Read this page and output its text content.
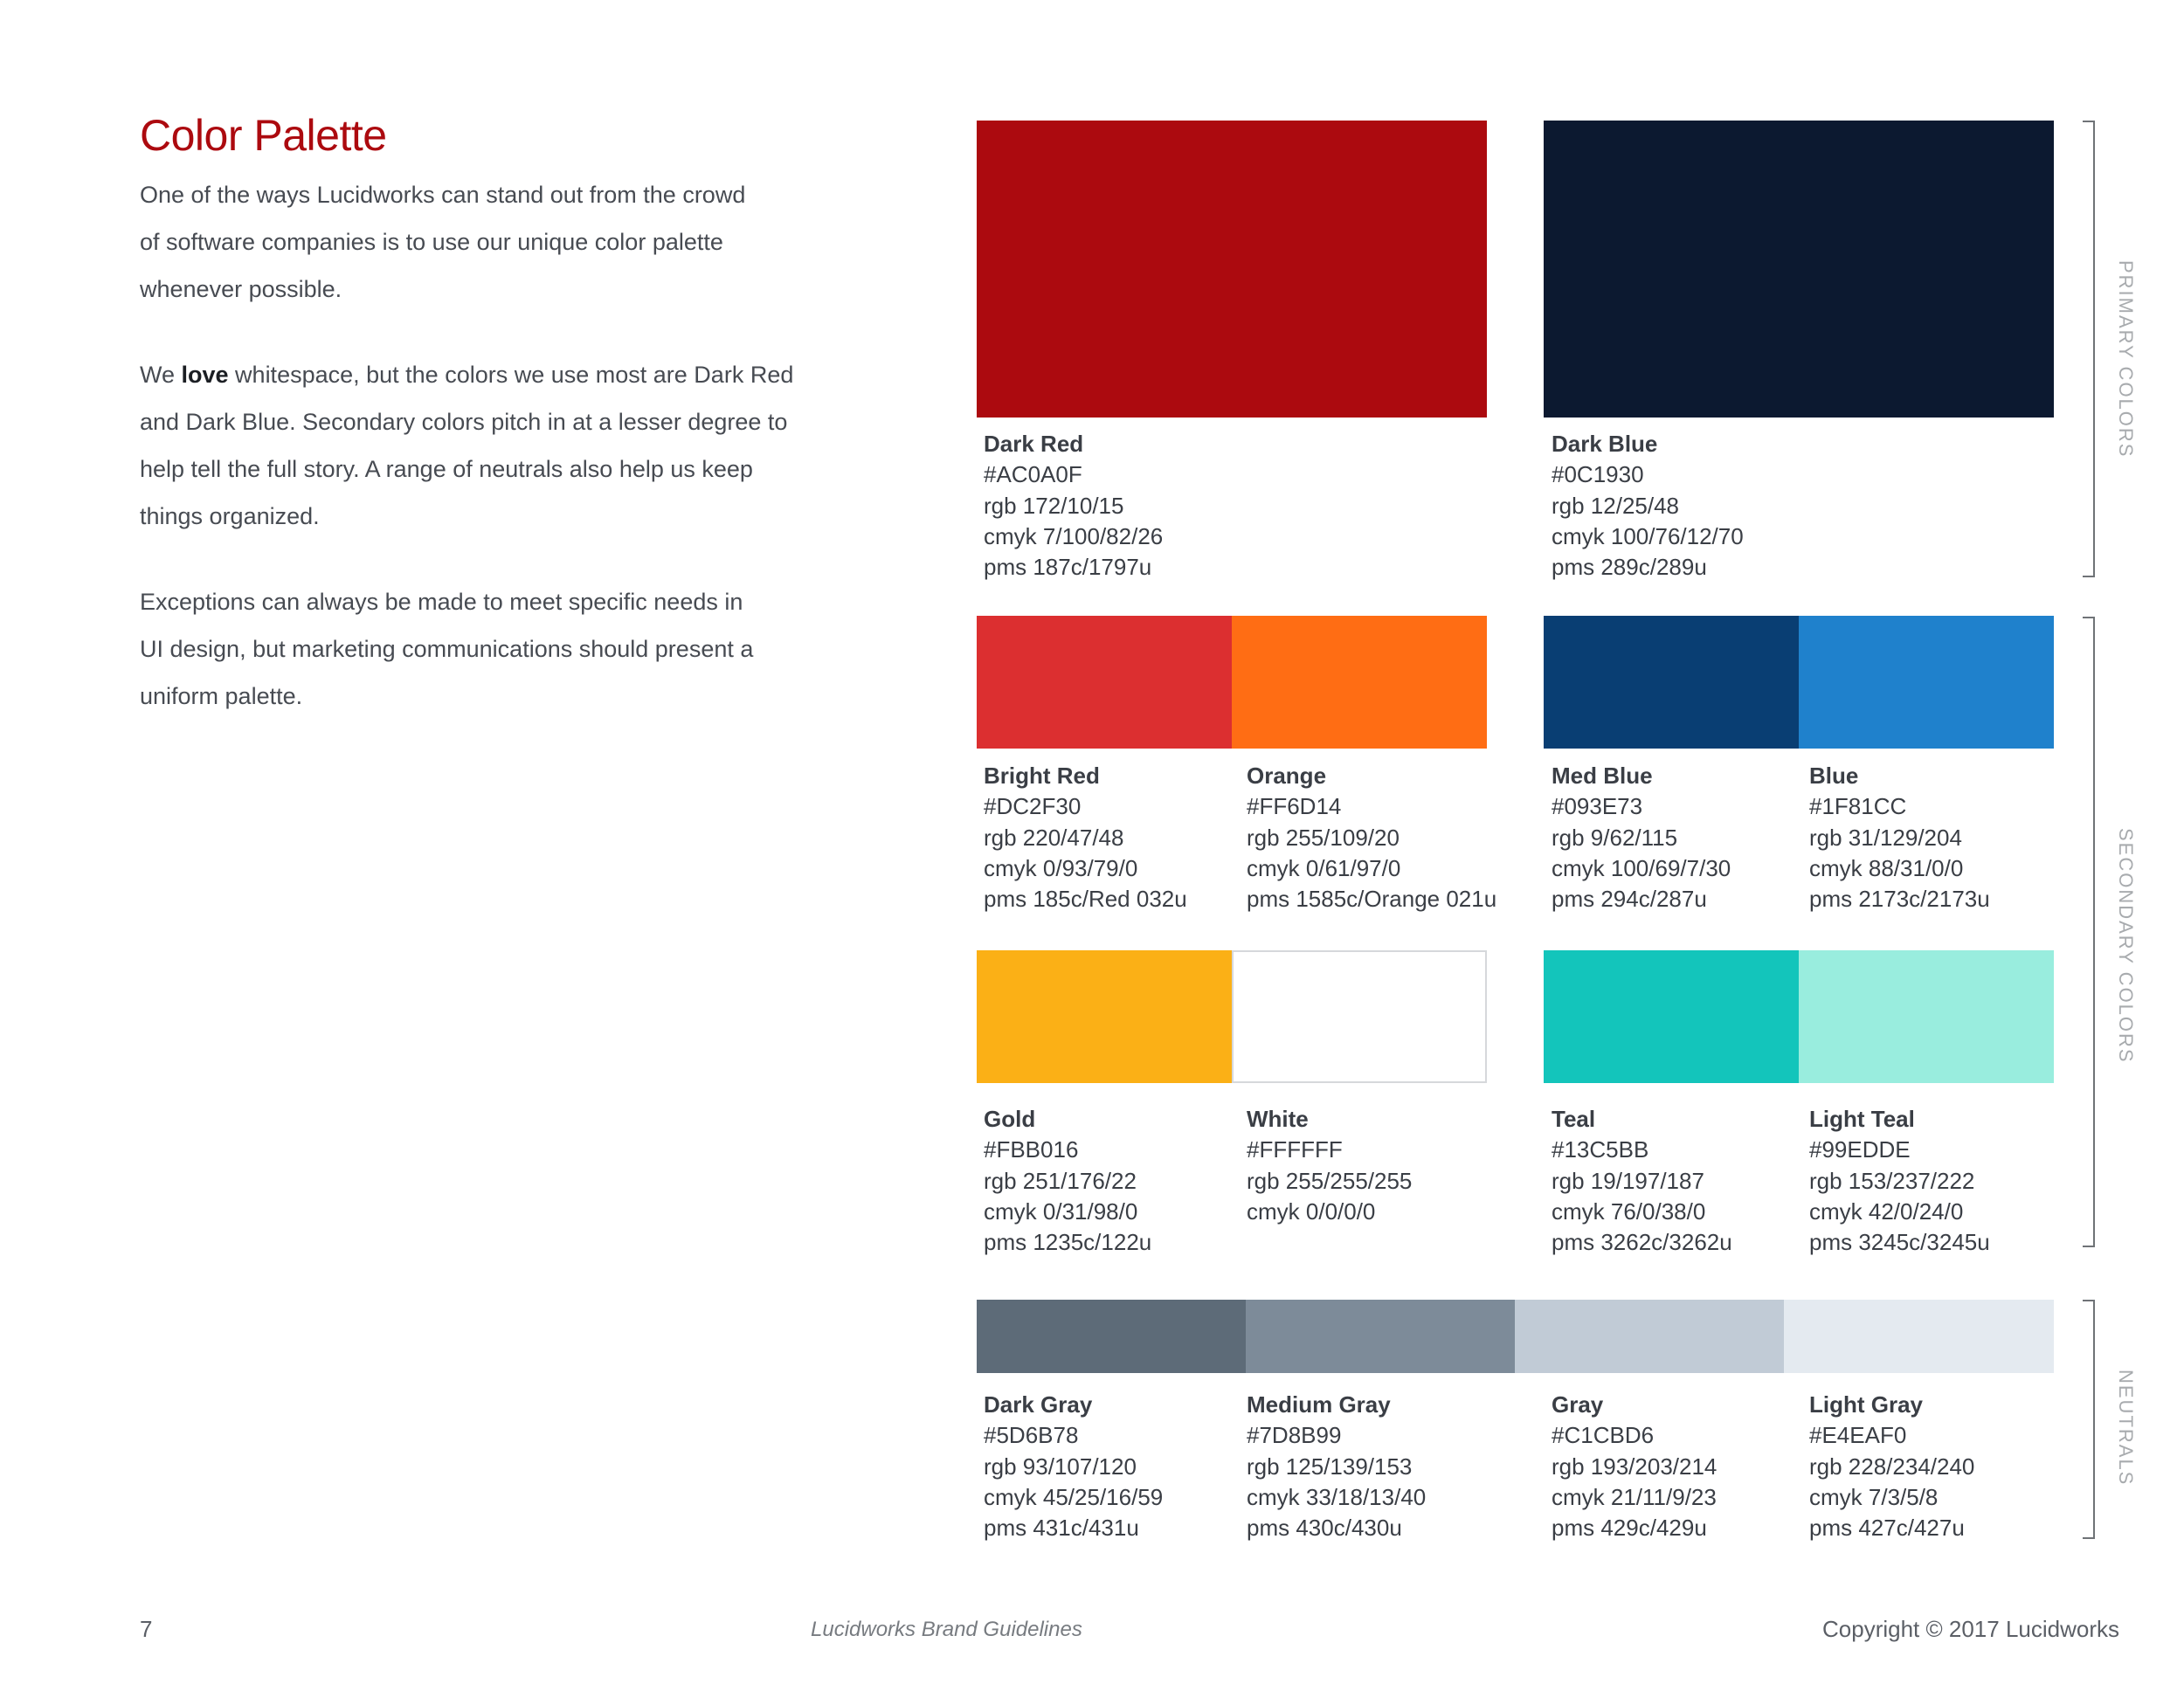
Color Palette

One of the ways Lucidworks can stand out from the crowd of software companies is to use our unique color palette whenever possible.

We love whitespace, but the colors we use most are Dark Red and Dark Blue. Secondary colors pitch in at a lesser degree to help tell the full story. A range of neutrals also help us keep things organized.

Exceptions can always be made to meet specific needs in UI design, but marketing communications should present a uniform palette.

Dark Red
#AC0A0F
rgb 172/10/15
cmyk 7/100/82/26
pms 187c/1797u
Dark Blue
#0C1930
rgb 12/25/48
cmyk 100/76/12/70
pms 289c/289u
Bright Red
#DC2F30
rgb 220/47/48
cmyk 0/93/79/0
pms 185c/Red 032u
Orange
#FF6D14
rgb 255/109/20
cmyk 0/61/97/0
pms 1585c/Orange 021u
Med Blue
#093E73
rgb 9/62/115
cmyk 100/69/7/30
pms 294c/287u
Blue
#1F81CC
rgb 31/129/204
cmyk 88/31/0/0
pms 2173c/2173u
Gold
#FBB016
rgb 251/176/22
cmyk 0/31/98/0
pms 1235c/122u
White
#FFFFFF
rgb 255/255/255
cmyk 0/0/0/0
Teal
#13C5BB
rgb 19/197/187
cmyk 76/0/38/0
pms 3262c/3262u
Light Teal
#99EDDE
rgb 153/237/222
cmyk 42/0/24/0
pms 3245c/3245u
Dark Gray
#5D6B78
rgb 93/107/120
cmyk 45/25/16/59
pms 431c/431u
Medium Gray
#7D8B99
rgb 125/139/153
cmyk 33/18/13/40
pms 430c/430u
Gray
#C1CBD6
rgb 193/203/214
cmyk 21/11/9/23
pms 429c/429u
Light Gray
#E4EAF0
rgb 228/234/240
cmyk 7/3/5/8
pms 427c/427u
PRIMARY COLORS
SECONDARY COLORS
NEUTRALS
7	Lucidworks Brand Guidelines	Copyright © 2017 Lucidworks
